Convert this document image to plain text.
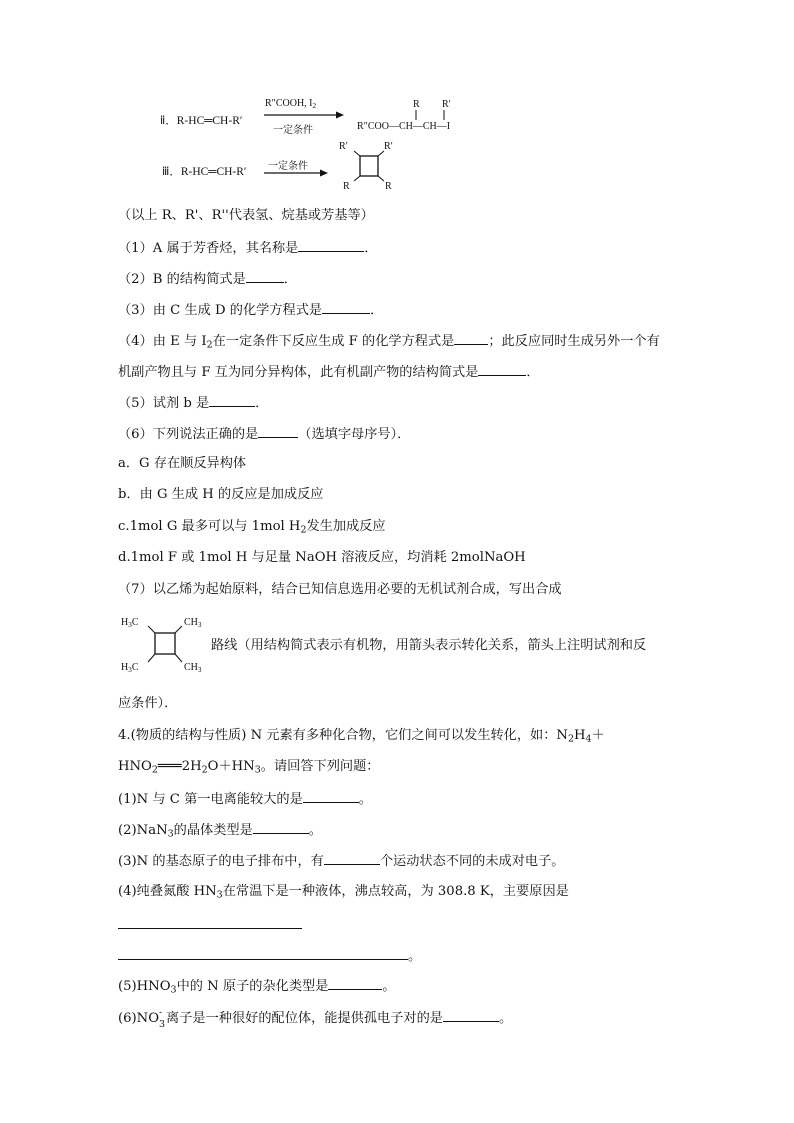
ⅱ．R-HC═CH-R′
R″COOH, $I_2$
一定条件
R R′
R″COO—CH—CH—I
ⅲ．R-HC═CH-R′ 一定条件
R′	R′
R	R
（以上 R、R'、R''代表氢、烷基或芳基等）
（1）A 属于芳香烃，其名称是	．
（2）B 的结构简式是	．
（3）由 C 生成 D 的化学方程式是	．
（4）由 E 与 $I_2$在一定条件下反应生成 F 的化学方程式是	；此反应同时生成另外一个有
机副产物且与 F 互为同分异构体，此有机副产物的结构简式是	．
（5）试剂 b 是	．
（6）下列说法正确的是	（选填字母序号）．
a．G 存在顺反异构体
b．由 G 生成 H 的反应是加成反应
c.1mol G 最多可以与 1mol $H_2$发生加成反应
d.1mol F 或 1mol H 与足量 NaOH 溶液反应，均消耗 2molNaOH
（7）以乙烯为起始原料，结合已知信息选用必要的无机试剂合成，写出合成
$H_3C$	$CH_3$
$H_3C$	$CH_3$
路线（用结构简式表示有机物，用箭头表示转化关系，箭头上注明试剂和反
应条件）．
4.(物质的结构与性质) N 元素有多种化合物，它们之间可以发生转化，如：$N_2H_4+$
$HNO_2═══2H_2O+HN_3$。请回答下列问题：
(1)N 与 C 第一电离能较大的是	。
(2)NaN$_3$的晶体类型是	。
(3)N 的基态原子的电子排布中，有	个运动状态不同的未成对电子。
(4)纯叠氮酸 $HN_3$在常温下是一种液体，沸点较高，为 308.8 K，主要原因是
。
$(5)HNO_3$中的 N 原子的杂化类型是	。
(6)NO -
3 离子是一种很好的配位体，能提供孤电子对的是	。
